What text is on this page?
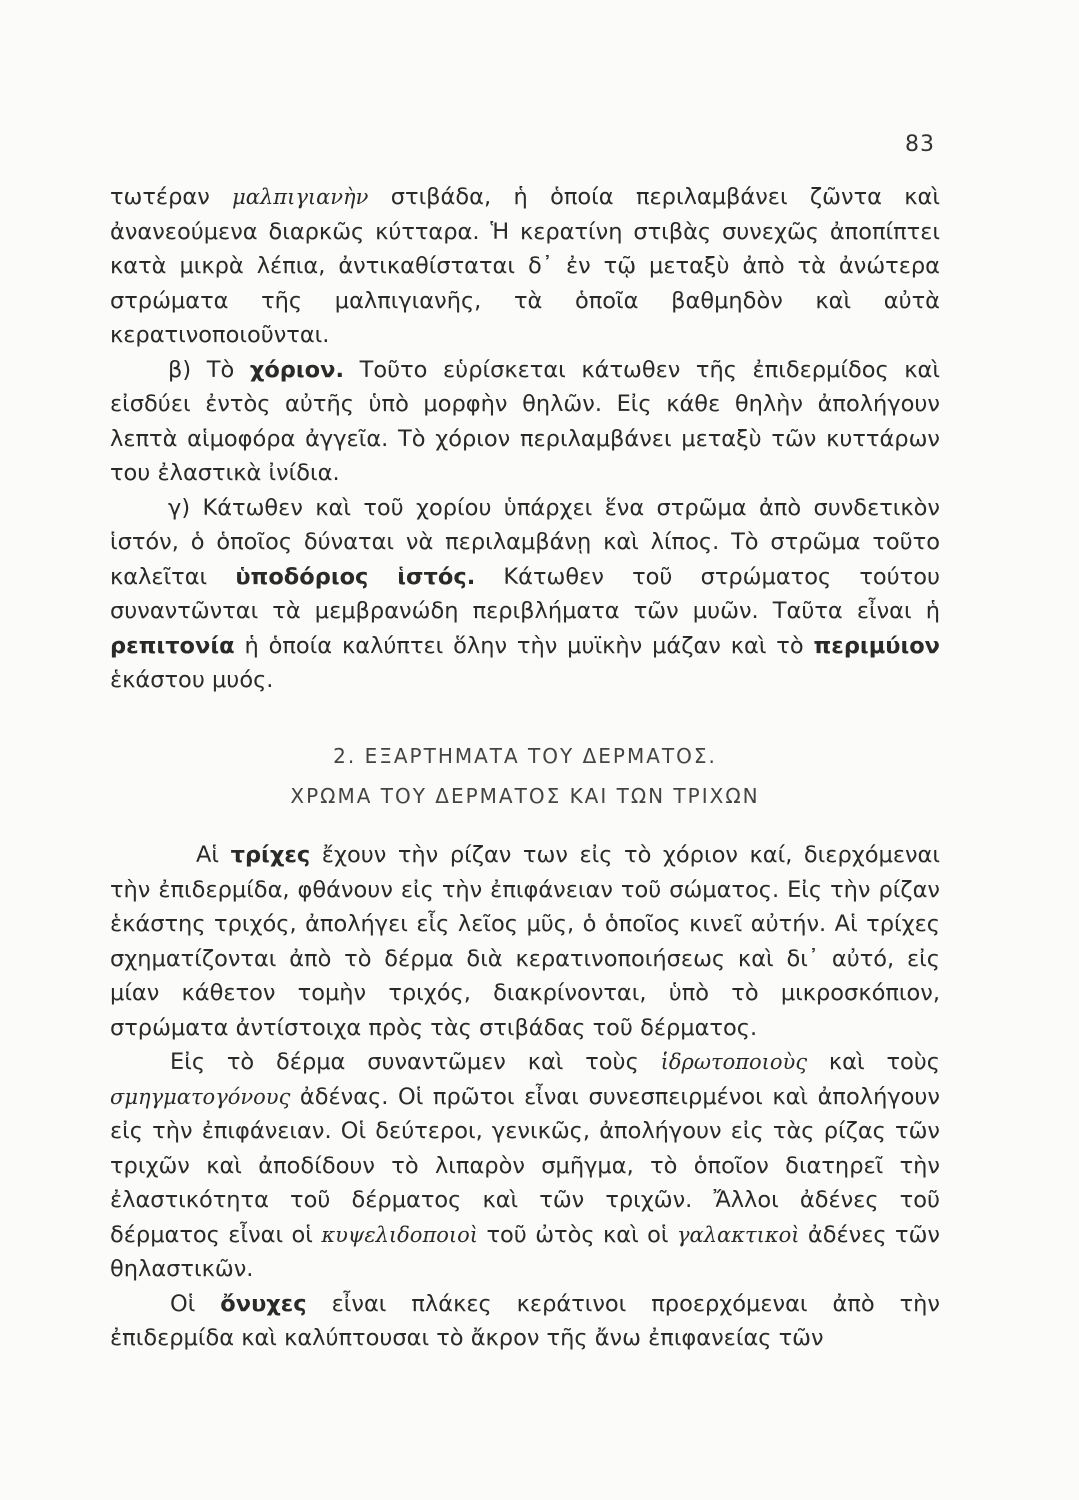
83

τωτέραν μαλπιγιανὴν στιβάδα, ἡ ὁποία περιλαμβάνει ζῶντα καὶ ἀνανεούμενα διαρκῶς κύτταρα. Ἡ κερατίνη στιβὰς συνεχῶς ἀποπίπτει κατὰ μικρὰ λέπια, ἀντικαθίσταται δ᾽ ἐν τῷ μεταξὺ ἀπὸ τὰ ἀνώτερα στρώματα τῆς μαλπιγιανῆς, τὰ ὁποῖα βαθμηδὸν καὶ αὐτὰ κερατινοποιοῦνται.

β) Τὸ χόριον. Τοῦτο εὑρίσκεται κάτωθεν τῆς ἐπιδερμίδος καὶ εἰσδύει ἐντὸς αὐτῆς ὑπὸ μορφὴν θηλῶν. Εἰς κάθε θηλὴν ἀπολήγουν λεπτὰ αἱμοφόρα ἀγγεῖα. Τὸ χόριον περιλαμβάνει μεταξὺ τῶν κυττάρων του ἐλαστικὰ ἰνίδια.

γ) Κάτωθεν καὶ τοῦ χορίου ὑπάρχει ἕνα στρῶμα ἀπὸ συνδετικὸν ἱστόν, ὁ ὁποῖος δύναται νὰ περιλαμβάνῃ καὶ λίπος. Τὸ στρῶμα τοῦτο καλεῖται ὑποδόριος ἱστός. Κάτωθεν τοῦ στρώματος τούτου συναντῶνται τὰ μεμβρανώδη περιβλήματα τῶν μυῶν. Ταῦτα εἶναι ἡ ρεπιτονία ἡ ὁποία καλύπτει ὅλην τὴν μυϊκὴν μάζαν καὶ τὸ περιμύιον ἑκάστου μυός.

2. ΕΞΑΡΤΗΜΑΤΑ ΤΟΥ ΔΕΡΜΑΤΟΣ.

ΧΡΩΜΑ ΤΟΥ ΔΕΡΜΑΤΟΣ ΚΑΙ ΤΩΝ ΤΡΙΧΩΝ

Αἱ τρίχες ἔχουν τὴν ρίζαν των εἰς τὸ χόριον καί, διερχόμεναι τὴν ἐπιδερμίδα, φθάνουν εἰς τὴν ἐπιφάνειαν τοῦ σώματος. Εἰς τὴν ρίζαν ἑκάστης τριχός, ἀπολήγει εἷς λεῖος μῦς, ὁ ὁποῖος κινεῖ αὐτήν. Αἱ τρίχες σχηματίζονται ἀπὸ τὸ δέρμα διὰ κερατινοποιήσεως καὶ δι᾽ αὐτό, εἰς μίαν κάθετον τομὴν τριχός, διακρίνονται, ὑπὸ τὸ μικροσκόπιον, στρώματα ἀντίστοιχα πρὸς τὰς στιβάδας τοῦ δέρματος.

Εἰς τὸ δέρμα συναντῶμεν καὶ τοὺς ἱδρωτοποιοὺς καὶ τοὺς σμηγματογόνους ἀδένας. Οἱ πρῶτοι εἶναι συνεσπειρμένοι καὶ ἀπολήγουν εἰς τὴν ἐπιφάνειαν. Οἱ δεύτεροι, γενικῶς, ἀπολήγουν εἰς τὰς ρίζας τῶν τριχῶν καὶ ἀποδίδουν τὸ λιπαρὸν σμῆγμα, τὸ ὁποῖον διατηρεῖ τὴν ἐλαστικότητα τοῦ δέρματος καὶ τῶν τριχῶν. Ἄλλοι ἀδένες τοῦ δέρματος εἶναι οἱ κυψελιδοποιοὶ τοῦ ὠτὸς καὶ οἱ γαλακτικοὶ ἀδένες τῶν θηλαστικῶν.

Οἱ ὄνυχες εἶναι πλάκες κεράτινοι προερχόμεναι ἀπὸ τὴν ἐπιδερμίδα καὶ καλύπτουσαι τὸ ἄκρον τῆς ἄνω ἐπιφανείας τῶν
